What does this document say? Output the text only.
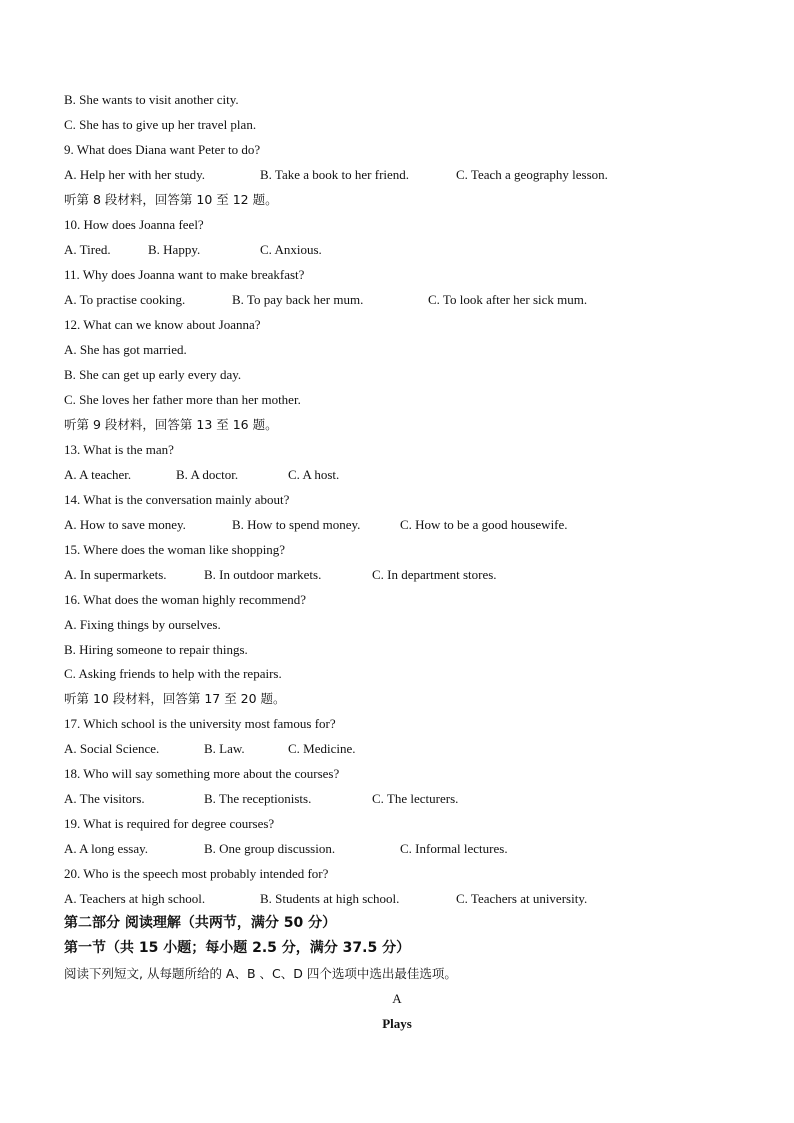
B. She wants to visit another city.
C. She has to give up her travel plan.
9. What does Diana want Peter to do?
A. Help her with her study.	B. Take a book to her friend.	C. Teach a geography lesson.
听第 8 段材料，回答第 10 至 12 题。
10. How does Joanna feel?
A. Tired.	B. Happy.	C. Anxious.
11. Why does Joanna want to make breakfast?
A. To practise cooking.	B. To pay back her mum.	C. To look after her sick mum.
12. What can we know about Joanna?
A. She has got married.
B. She can get up early every day.
C. She loves her father more than her mother.
听第 9 段材料，回答第 13 至 16 题。
13. What is the man?
A. A teacher.	B. A doctor.	C. A host.
14. What is the conversation mainly about?
A. How to save money.	B. How to spend money.	C. How to be a good housewife.
15. Where does the woman like shopping?
A. In supermarkets.	B. In outdoor markets.	C. In department stores.
16. What does the woman highly recommend?
A. Fixing things by ourselves.
B. Hiring someone to repair things.
C. Asking friends to help with the repairs.
听第 10 段材料，回答第 17 至 20 题。
17. Which school is the university most famous for?
A. Social Science.	B. Law.	C. Medicine.
18. Who will say something more about the courses?
A. The visitors.	B. The receptionists.	C. The lecturers.
19. What is required for degree courses?
A. A long essay.	B. One group discussion.	C. Informal lectures.
20. Who is the speech most probably intended for?
A. Teachers at high school.	B. Students at high school.	C. Teachers at university.
第二部分 阅读理解（共两节，满分 50 分）
第一节（共 15 小题；每小题 2.5 分，满分 37.5 分）
阅读下列短文, 从每题所给的 A、B 、C、D 四个选项中选出最佳选项。
A
Plays
